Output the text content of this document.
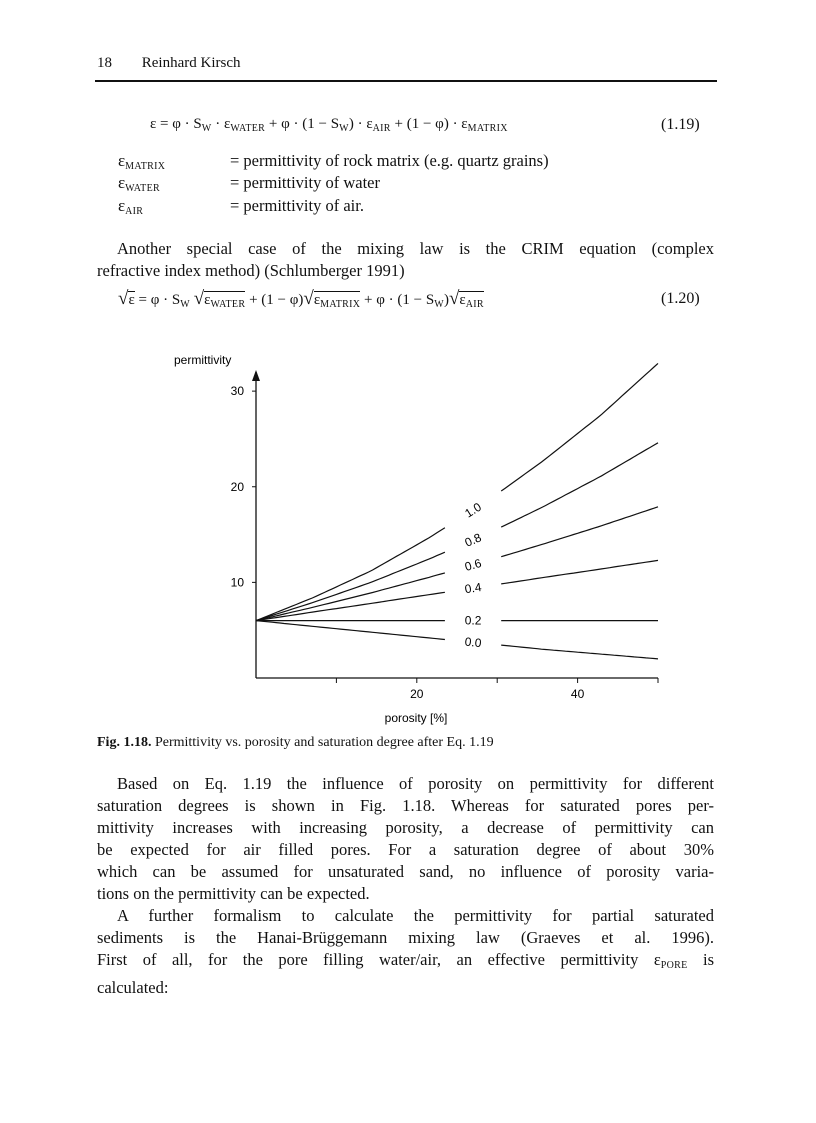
18 Reinhard Kirsch
$\varepsilon = \varphi \cdot S_W \cdot \varepsilon_{WATER} + \varphi \cdot (1 - S_W) \cdot \varepsilon_{AIR} + (1 - \varphi) \cdot \varepsilon_{MATRIX}$	(1.19)
$\varepsilon_{MATRIX}$	= permittivity of rock matrix (e.g. quartz grains)
$\varepsilon_{WATER}$	= permittivity of water
$\varepsilon_{AIR}$	= permittivity of air.
Another special case of the mixing law is the CRIM equation (complex
refractive index method) (Schlumberger 1991)
$√\varepsilon = \varphi \cdot S_W$ $√\varepsilon_{WATER} + (1 - \varphi)√\varepsilon_{MATRIX} + \varphi \cdot (1 - S_W)√\varepsilon_{AIR}$	(1.20)
permittivity
porosity [%]
10
20
30
20	40
1.0
0.8
0.6
0.4
0.2
0.0
Fig. 1.18. Permittivity vs. porosity and saturation degree after Eq. 1.19
Based on Eq. 1.19 the influence of porosity on permittivity for different
saturation degrees is shown in Fig. 1.18. Whereas for saturated pores per-
mittivity increases with increasing porosity, a decrease of permittivity can
be expected for air filled pores. For a saturation degree of about 30%
which can be assumed for unsaturated sand, no influence of porosity varia-
tions on the permittivity can be expected.
A further formalism to calculate the permittivity for partial saturated
sediments is the Hanai-Brüggemann mixing law (Graeves et al. 1996).
First of all, for the pore filling water/air, an effective permittivity $\varepsilon_{PORE}$ is
calculated:
